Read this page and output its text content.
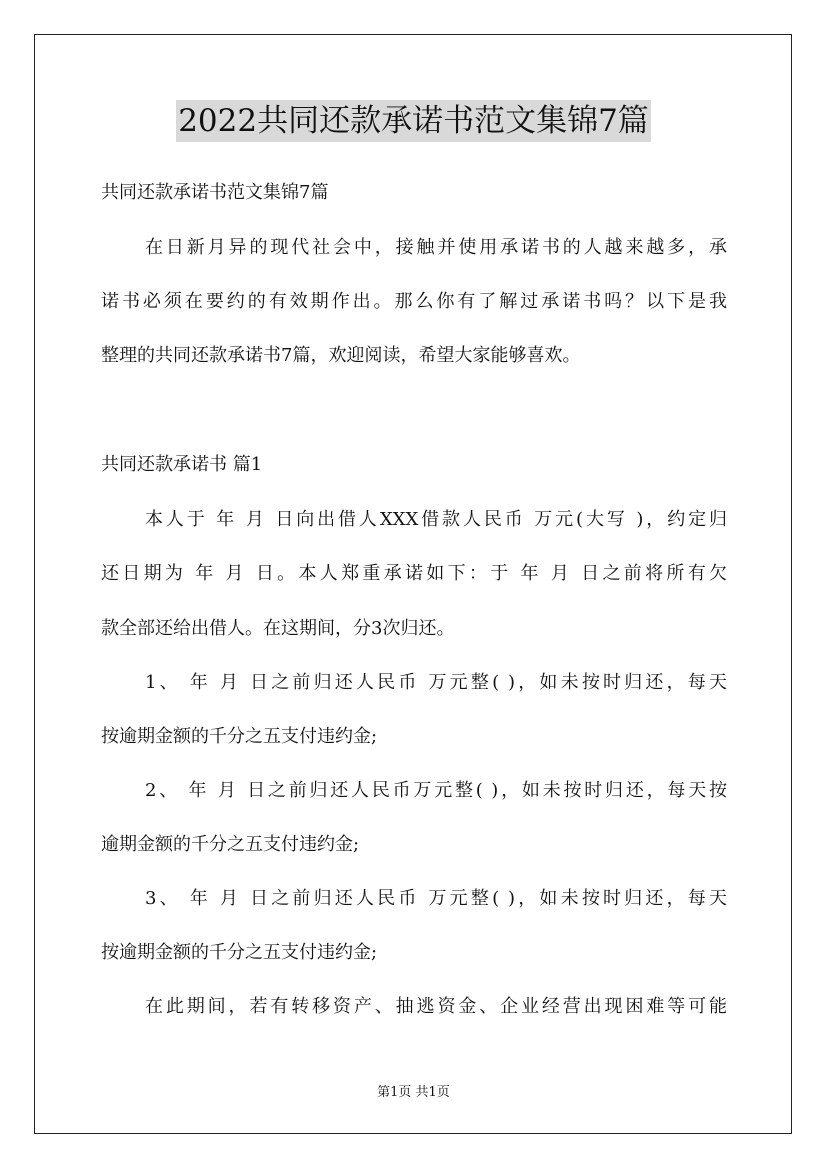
2022共同还款承诺书范文集锦7篇
共同还款承诺书范文集锦7篇
在日新月异的现代社会中，接触并使用承诺书的人越来越多，承
诺书必须在要约的有效期作出。那么你有了解过承诺书吗？以下是我
整理的共同还款承诺书7篇，欢迎阅读，希望大家能够喜欢。
共同还款承诺书 篇1
本人于 年 月 日向出借人XXX借款人民币 万元(大写 )，约定归
还日期为 年 月 日。本人郑重承诺如下：于 年 月 日之前将所有欠
款全部还给出借人。在这期间，分3次归还。
1、 年 月 日之前归还人民币 万元整( )，如未按时归还，每天
按逾期金额的千分之五支付违约金;
2、 年 月 日之前归还人民币万元整( )，如未按时归还，每天按
逾期金额的千分之五支付违约金;
3、 年 月 日之前归还人民币 万元整( )，如未按时归还，每天
按逾期金额的千分之五支付违约金;
在此期间，若有转移资产、抽逃资金、企业经营出现困难等可能
第1页 共1页
